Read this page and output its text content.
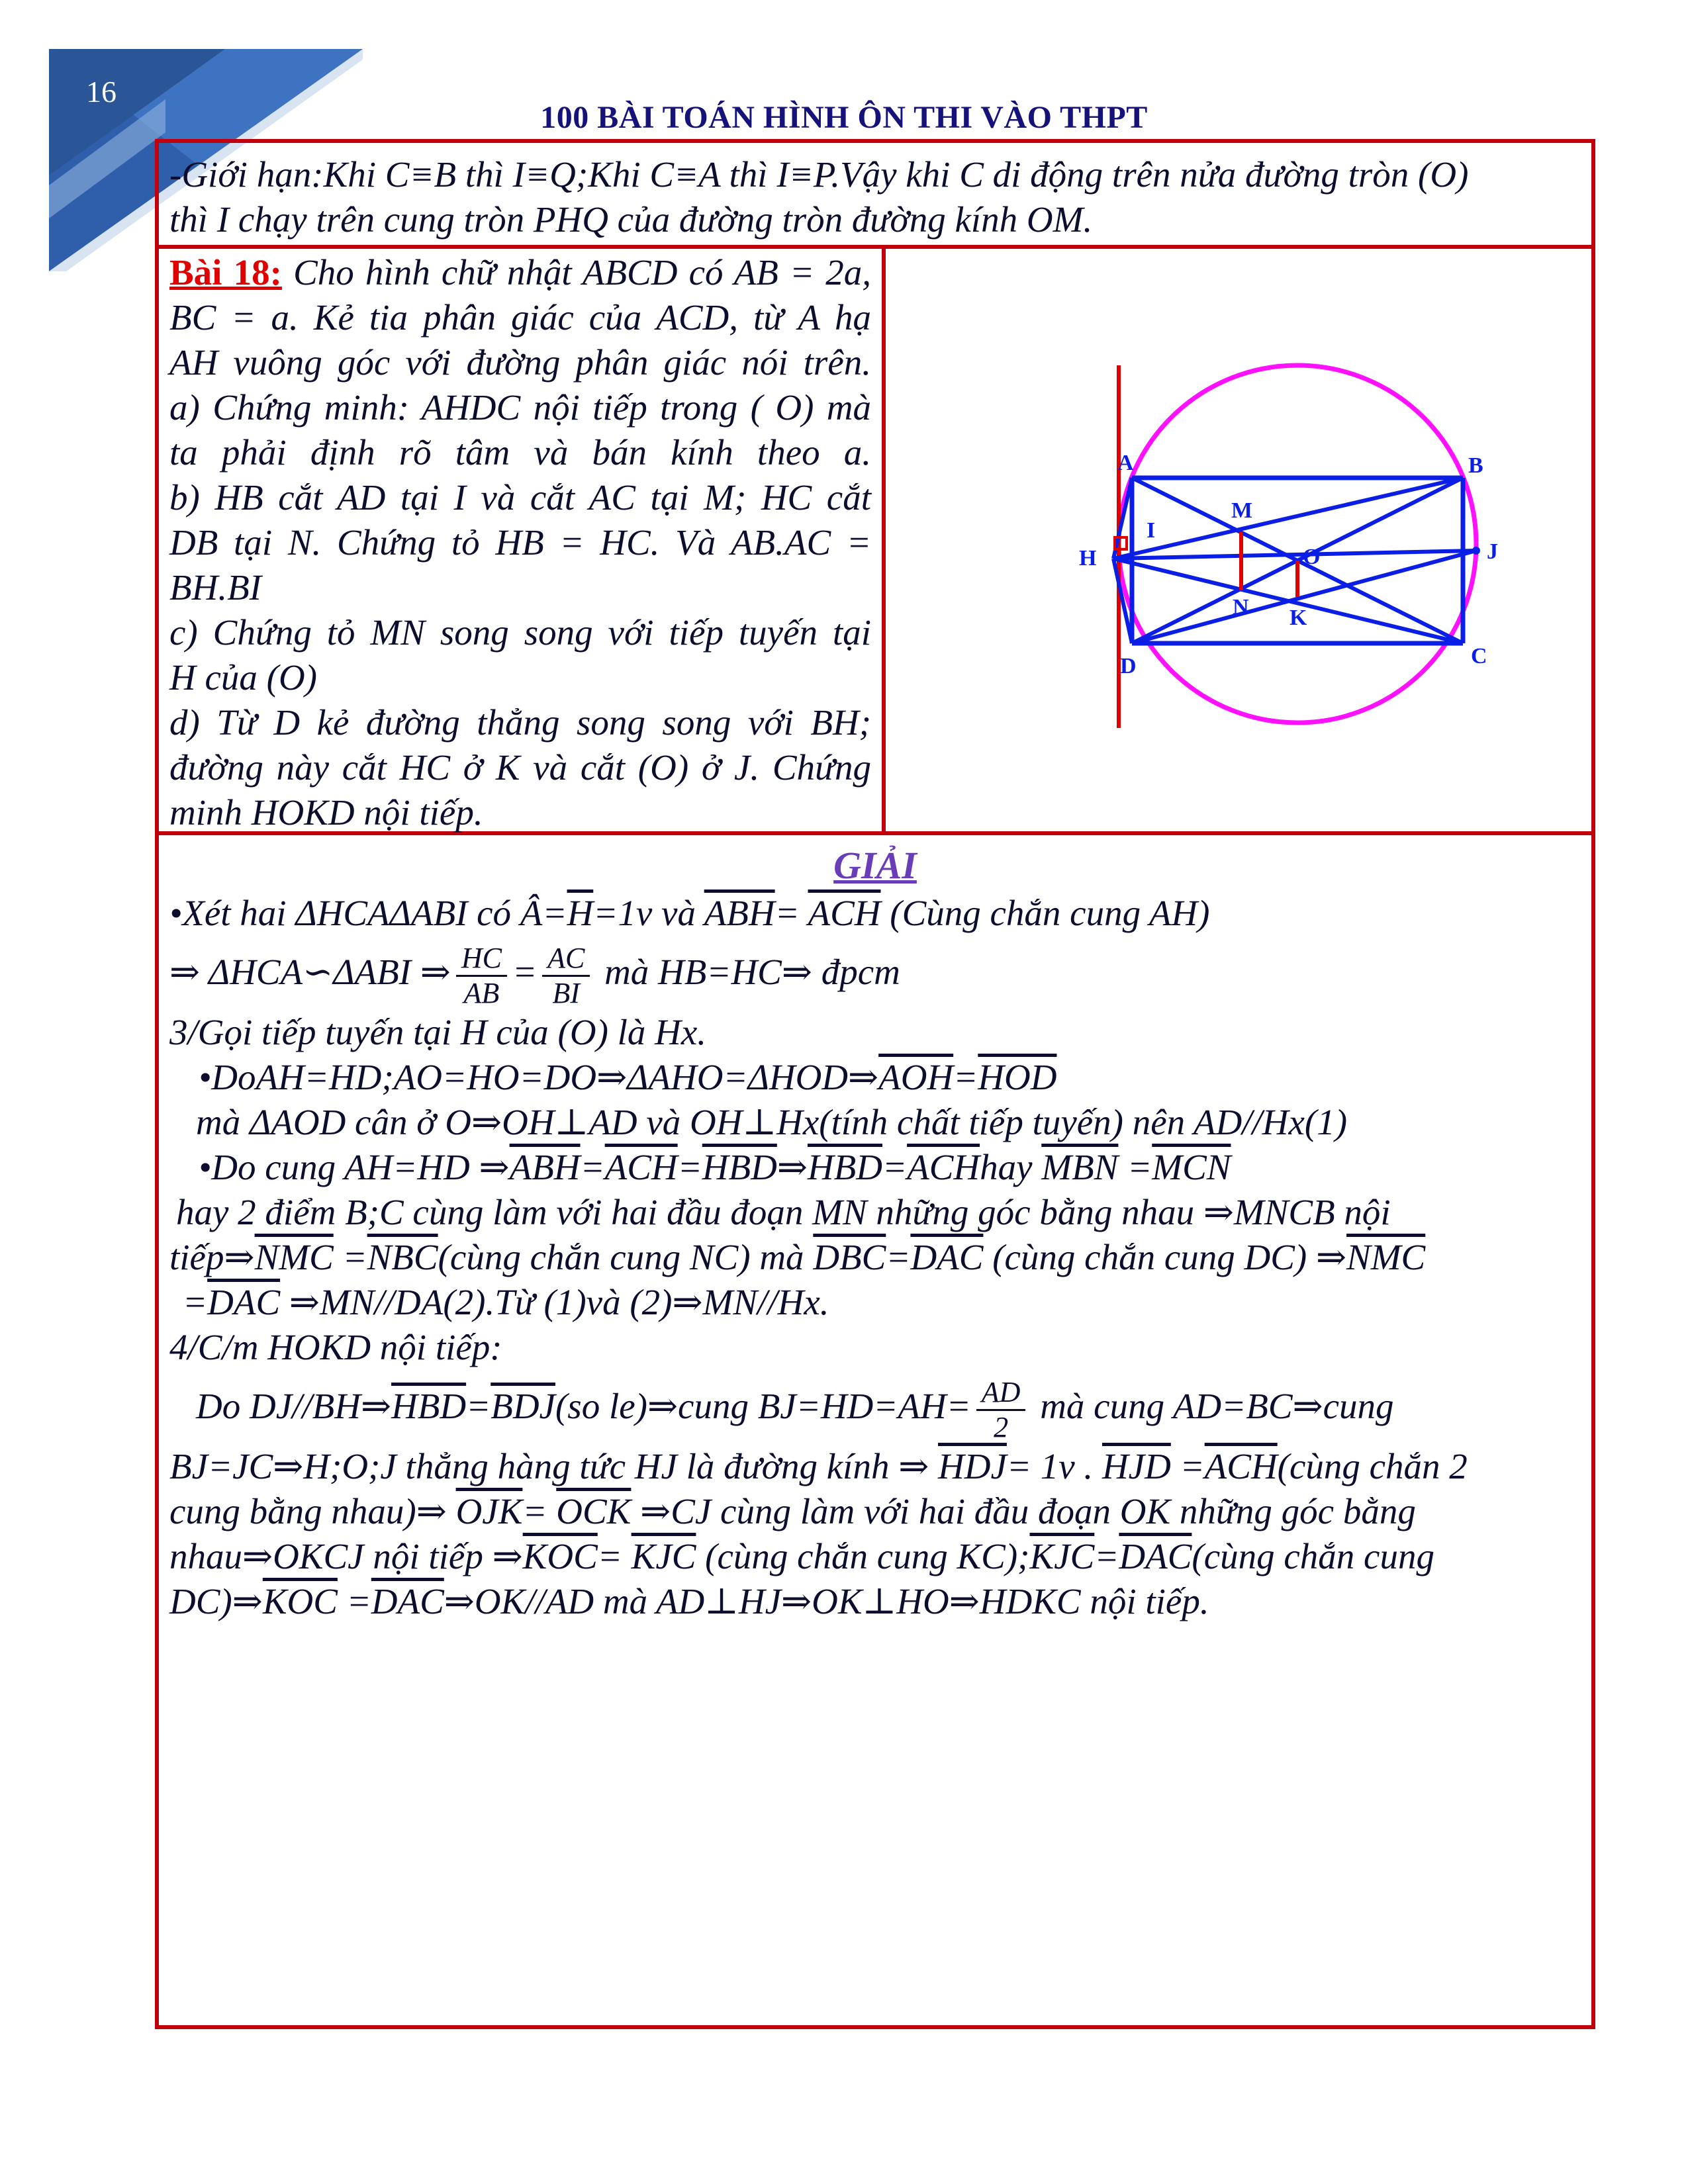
16
100 BÀI TOÁN HÌNH ÔN THI VÀO THPT
-Giới hạn:Khi C≡B thì I≡Q;Khi C≡A thì I≡P.Vậy khi C di động trên nửa đường tròn (O)
thì I chạy trên cung tròn PHQ của đường tròn đường kính OM.
Bài 18: Cho hình chữ nhật ABCD có AB = 2a,
BC = a. Kẻ tia phân giác của ACD, từ A hạ
AH vuông góc với đường phân giác nói trên.
a) Chứng minh: AHDC nội tiếp trong ( O) mà
ta phải định rõ tâm và bán kính theo a.
b) HB cắt AD tại I và cắt AC tại M; HC cắt
DB tại N. Chứng tỏ HB = HC. Và AB.AC =
BH.BI
c) Chứng tỏ MN song song với tiếp tuyến tại
H của (O)
d) Từ D kẻ đường thẳng song song với BH;
đường này cắt HC ở K và cắt (O) ở J. Chứng
minh HOKD nội tiếp.
A	B
C
D
H
I
M
N
O
K
J
GIẢI
•Xét hai ΔHCAΔABI có $Â=\overline{H}=1v$ và $\overline{ABH}= \overline{ACH}$ (Cùng chắn cung AH)
⇒ ΔHCA∽ΔABI ⇒ $\frac{HC}{AB} = \frac{AC}{BI}$ mà HB=HC⇒ đpcm
3/Gọi tiếp tuyến tại H của (O) là Hx.
$•DoAH=HD;AO=HO=DO\Rightarrow\Delta AHO=\Delta HOD\Rightarrow\overline{AOH}=\overline{HOD}$
mà ΔAOD cân ở O⇒OH⊥AD và OH⊥Hx(tính chất tiếp tuyến) nên AD//Hx(1)
•Do cung AH=HD $\Rightarrow\overline{ABH}=\overline{ACH}=\overline{HBD}\Rightarrow\overline{HBD}=\overline{ACH}hay$ $\overline{MBN} =\overline{MCN}$
hay 2 điểm B;C cùng làm với hai đầu đoạn MN những góc bằng nhau ⇒MNCB nội
$tiếp\Rightarrow\overline{NMC}$ $=\overline{NBC}(cùng$ chắn cung NC) mà $\overline{DBC}=\overline{DAC}$ (cùng chắn cung DC) $\Rightarrow\overline{NMC}$
$=\overline{DAC}$ ⇒MN//DA(2).Từ (1)và (2)⇒MN//Hx.
4/C/m HOKD nội tiếp:
Do $DJ//BH\Rightarrow\overline{HBD}=\overline{BDJ}(so$ le)⇒cung $BJ=HD=AH= \frac{AD}{2}$ mà cung AD=BC⇒cung
BJ=JC⇒H;O;J thẳng hàng tức HJ là đường kính ⇒ $\overline{HDJ}= 1v$ . $\overline{HJD}$ $=\overline{ACH}(cùng$ chắn 2
cung bằng nhau)⇒ $\overline{OJK}= \overline{OCK}$ ⇒CJ cùng làm với hai đầu đoạn OK những góc bằng
nhau⇒OKCJ nội tiếp $\Rightarrow\overline{KOC}= \overline{KJC}$ (cùng chắn cung $KC);\overline{KJC}=\overline{DAC}(cùng$ chắn cung
$DC)\Rightarrow\overline{KOC}$ $=\overline{DAC}\Rightarrow OK//AD$ mà AD⊥HJ⇒OK⊥HO⇒HDKC nội tiếp.
